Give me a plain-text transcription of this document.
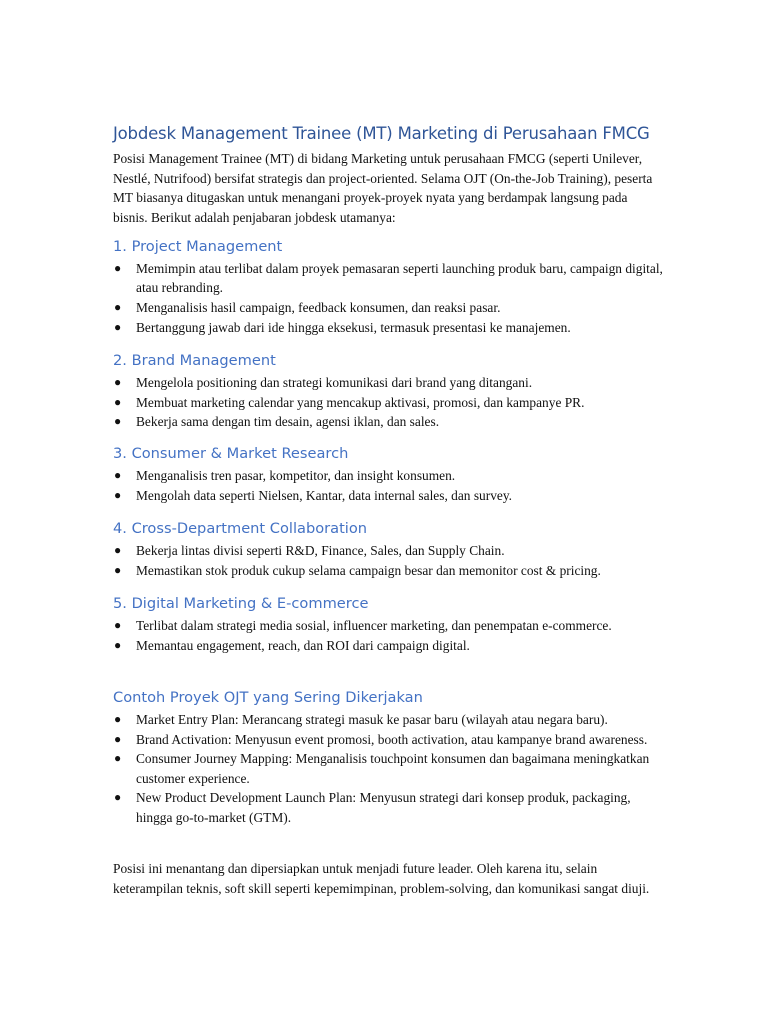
Jobdesk Management Trainee (MT) Marketing di Perusahaan FMCG

Posisi Management Trainee (MT) di bidang Marketing untuk perusahaan FMCG (seperti Unilever, Nestlé, Nutrifood) bersifat strategis dan project-oriented. Selama OJT (On-the-Job Training), peserta MT biasanya ditugaskan untuk menangani proyek-proyek nyata yang berdampak langsung pada bisnis. Berikut adalah penjabaran jobdesk utamanya:

1. Project Management
● Memimpin atau terlibat dalam proyek pemasaran seperti launching produk baru, campaign digital, atau rebranding.
● Menganalisis hasil campaign, feedback konsumen, dan reaksi pasar.
● Bertanggung jawab dari ide hingga eksekusi, termasuk presentasi ke manajemen.
2. Brand Management
● Mengelola positioning dan strategi komunikasi dari brand yang ditangani.
● Membuat marketing calendar yang mencakup aktivasi, promosi, dan kampanye PR.
● Bekerja sama dengan tim desain, agensi iklan, dan sales.
3. Consumer & Market Research
● Menganalisis tren pasar, kompetitor, dan insight konsumen.
● Mengolah data seperti Nielsen, Kantar, data internal sales, dan survey.
4. Cross-Department Collaboration
● Bekerja lintas divisi seperti R&D, Finance, Sales, dan Supply Chain.
● Memastikan stok produk cukup selama campaign besar dan memonitor cost & pricing.
5. Digital Marketing & E-commerce
● Terlibat dalam strategi media sosial, influencer marketing, dan penempatan e-commerce.
● Memantau engagement, reach, dan ROI dari campaign digital.
Contoh Proyek OJT yang Sering Dikerjakan
● Market Entry Plan: Merancang strategi masuk ke pasar baru (wilayah atau negara baru).
● Brand Activation: Menyusun event promosi, booth activation, atau kampanye brand awareness.
● Consumer Journey Mapping: Menganalisis touchpoint konsumen dan bagaimana meningkatkan customer experience.
● New Product Development Launch Plan: Menyusun strategi dari konsep produk, packaging, hingga go-to-market (GTM).

Posisi ini menantang dan dipersiapkan untuk menjadi future leader. Oleh karena itu, selain keterampilan teknis, soft skill seperti kepemimpinan, problem-solving, dan komunikasi sangat diuji.
